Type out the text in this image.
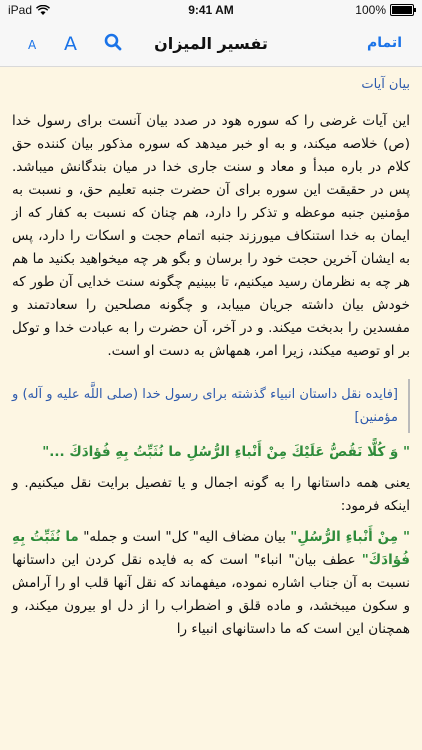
iPad	9:41 AM	100%
A A	تفسیر المیزان	اتمام
بیان آیات
این آیات غرضی را که سوره هود در صدد بیان آنست برای رسول خدا (ص) خلاصه میکند، و به او خبر میدهد که سوره مذکور بیان کننده حق کلام در باره مبدأ و معاد و سنت جاری خدا در میان بندگانش میباشد. پس در حقیقت این سوره برای آن حضرت جنبه تعلیم حق، و نسبت به مؤمنین جنبه موعظه و تذکر را دارد، هم چنان که نسبت به کفار که از ایمان به خدا استنکاف میورزند جنبه اتمام حجت و اسکات را دارد، پس به ایشان آخرین حجت خود را برسان و بگو هر چه میخواهید بکنید ما هم هر چه به نظرمان رسید میکنیم، تا ببینیم چگونه سنت خدایی آن طور که خودش بیان داشته جریان مییابد، و چگونه مصلحین را سعادتمند و مفسدین را بدبخت میکند. و در آخر، آن حضرت را به عبادت خدا و توکل بر او توصیه میکند، زیرا امر، همهاش به دست او است.
[فایده نقل داستان انبیاء گذشته برای رسول خدا (صلی اللَّه علیه و آله) و مؤمنین]
" وَ كُلًّا نَقُصُّ عَلَيْكَ مِنْ أَنْباءِ الرُّسُلِ ما نُثَبِّتُ بِهِ فُؤادَكَ ..."
یعنی همه داستانها را به گونه اجمال و یا تفصیل برایت نقل میکنیم. و اینکه فرمود:
" مِنْ أَنْباءِ الرُّسُلِ" بیان مضاف الیه" کل" است و جمله" ما نُثَبِّتُ بِهِ فُؤادَكَ" عطف بیان" انباء" است که به فایده نقل کردن این داستانها نسبت به آن جناب اشاره نموده، میفهماند که نقل آنها قلب او را آرامش و سکون میبخشد، و ماده قلق و اضطراب را از دل او بیرون میکند، و همچنان این است که ما داستانهای انبیاء را
